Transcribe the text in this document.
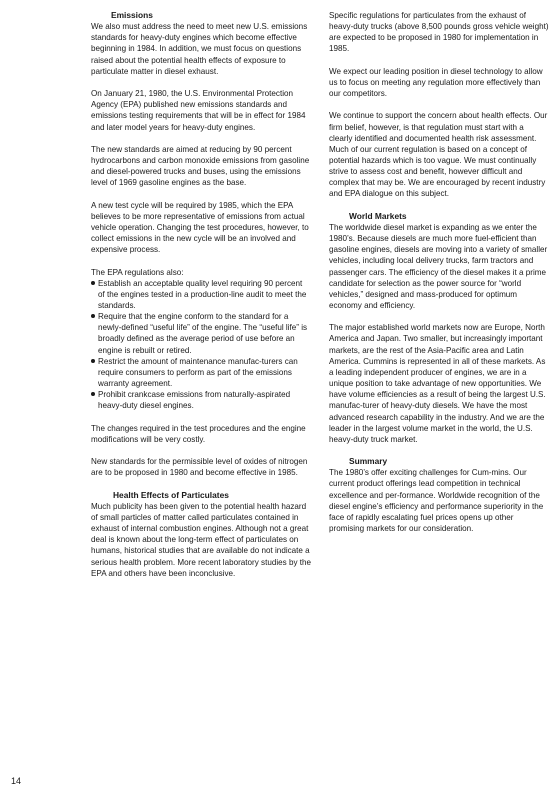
Emissions

We also must address the need to meet new U.S. emissions standards for heavy-duty engines which become effective beginning in 1984. In addition, we must focus on questions raised about the potential health effects of exposure to particulate matter in diesel exhaust.

On January 21, 1980, the U.S. Environmental Protection Agency (EPA) published new emissions standards and emissions testing requirements that will be in effect for 1984 and later model years for heavy-duty engines.

The new standards are aimed at reducing by 90 percent hydrocarbons and carbon monoxide emissions from gasoline and diesel-powered trucks and buses, using the emissions level of 1969 gasoline engines as the base.

A new test cycle will be required by 1985, which the EPA believes to be more representative of emissions from actual vehicle operation. Changing the test procedures, however, to collect emissions in the new cycle will be an involved and expensive process.

The EPA regulations also:

Establish an acceptable quality level requiring 90 percent of the engines tested in a production-line audit to meet the standards.
Require that the engine conform to the standard for a newly-defined “useful life” of the engine. The “useful life” is broadly defined as the average period of use before an engine is rebuilt or retired.
Restrict the amount of maintenance manufac-turers can require consumers to perform as part of the emissions warranty agreement.
Prohibit crankcase emissions from naturally-aspirated heavy-duty diesel engines.

The changes required in the test procedures and the engine modifications will be very costly.

New standards for the permissible level of oxides of nitrogen are to be proposed in 1980 and become effective in 1985.

Health Effects of Particulates

Much publicity has been given to the potential health hazard of small particles of matter called particulates contained in exhaust of internal combustion engines. Although not a great deal is known about the long-term effect of particulates on humans, historical studies that are available do not indicate a serious health problem. More recent laboratory studies by the EPA and others have been inconclusive.

Specific regulations for particulates from the exhaust of heavy-duty trucks (above 8,500 pounds gross vehicle weight) are expected to be proposed in 1980 for implementation in 1985.

We expect our leading position in diesel technology to allow us to focus on meeting any regulation more effectively than our competitors.

We continue to support the concern about health effects. Our firm belief, however, is that regulation must start with a clearly identified and documented health risk assessment. Much of our current regulation is based on a concept of potential hazards which is too vague. We must continually strive to assess cost and benefit, however difficult and complex that may be. We are encouraged by recent industry and EPA dialogue on this subject.

World Markets

The worldwide diesel market is expanding as we enter the 1980’s. Because diesels are much more fuel-efficient than gasoline engines, diesels are moving into a variety of smaller vehicles, including local delivery trucks, farm tractors and passenger cars. The efficiency of the diesel makes it a prime candidate for selection as the power source for “world vehicles,” designed and mass-produced for optimum economy and efficiency.

The major established world markets now are Europe, North America and Japan. Two smaller, but increasingly important markets, are the rest of the Asia-Pacific area and Latin America. Cummins is represented in all of these markets. As a leading independent producer of engines, we are in a unique position to take advantage of new opportunities. We have volume efficiencies as a result of being the largest U.S. manufac-turer of heavy-duty diesels. We have the most advanced research capability in the industry. And we are the leader in the largest volume market in the world, the U.S. heavy-duty truck market.

Summary

The 1980’s offer exciting challenges for Cum-mins. Our current product offerings lead competition in technical excellence and per-formance. Worldwide recognition of the diesel engine’s efficiency and performance superiority in the face of rapidly escalating fuel prices opens up other promising markets for our consideration.

14
